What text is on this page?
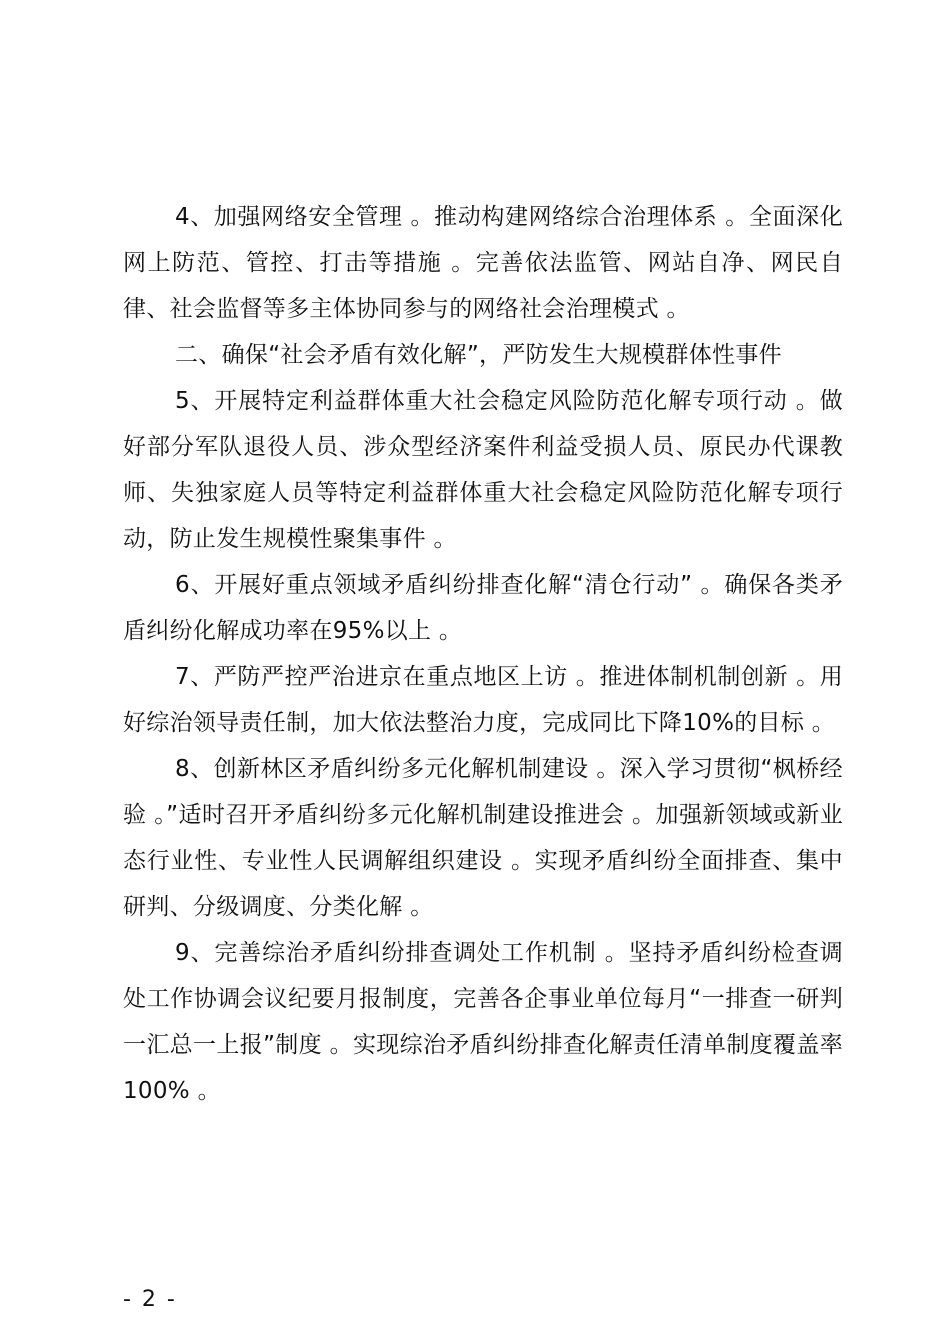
4、加强网络安全管理 。推动构建网络综合治理体系 。全面深化网上防范、管控、打击等措施 。完善依法监管、网站自净、网民自律、社会监督等多主体协同参与的网络社会治理模式 。

二、确保“社会矛盾有效化解”，严防发生大规模群体性事件

5、开展特定利益群体重大社会稳定风险防范化解专项行动 。做好部分军队退役人员、涉众型经济案件利益受损人员、原民办代课教师、失独家庭人员等特定利益群体重大社会稳定风险防范化解专项行动，防止发生规模性聚集事件 。

6、开展好重点领域矛盾纠纷排查化解“清仓行动” 。确保各类矛盾纠纷化解成功率在95%以上 。

7、严防严控严治进京在重点地区上访 。推进体制机制创新 。用好综治领导责任制，加大依法整治力度，完成同比下降10%的目标 。

8、创新林区矛盾纠纷多元化解机制建设 。深入学习贯彻“枫桥经验 。”适时召开矛盾纠纷多元化解机制建设推进会 。加强新领域或新业态行业性、专业性人民调解组织建设 。实现矛盾纠纷全面排查、集中研判、分级调度、分类化解 。

9、完善综治矛盾纠纷排查调处工作机制 。坚持矛盾纠纷检查调处工作协调会议纪要月报制度，完善各企事业单位每月“一排查一研判一汇总一上报”制度 。实现综治矛盾纠纷排查化解责任清单制度覆盖率100% 。

- 2 -
